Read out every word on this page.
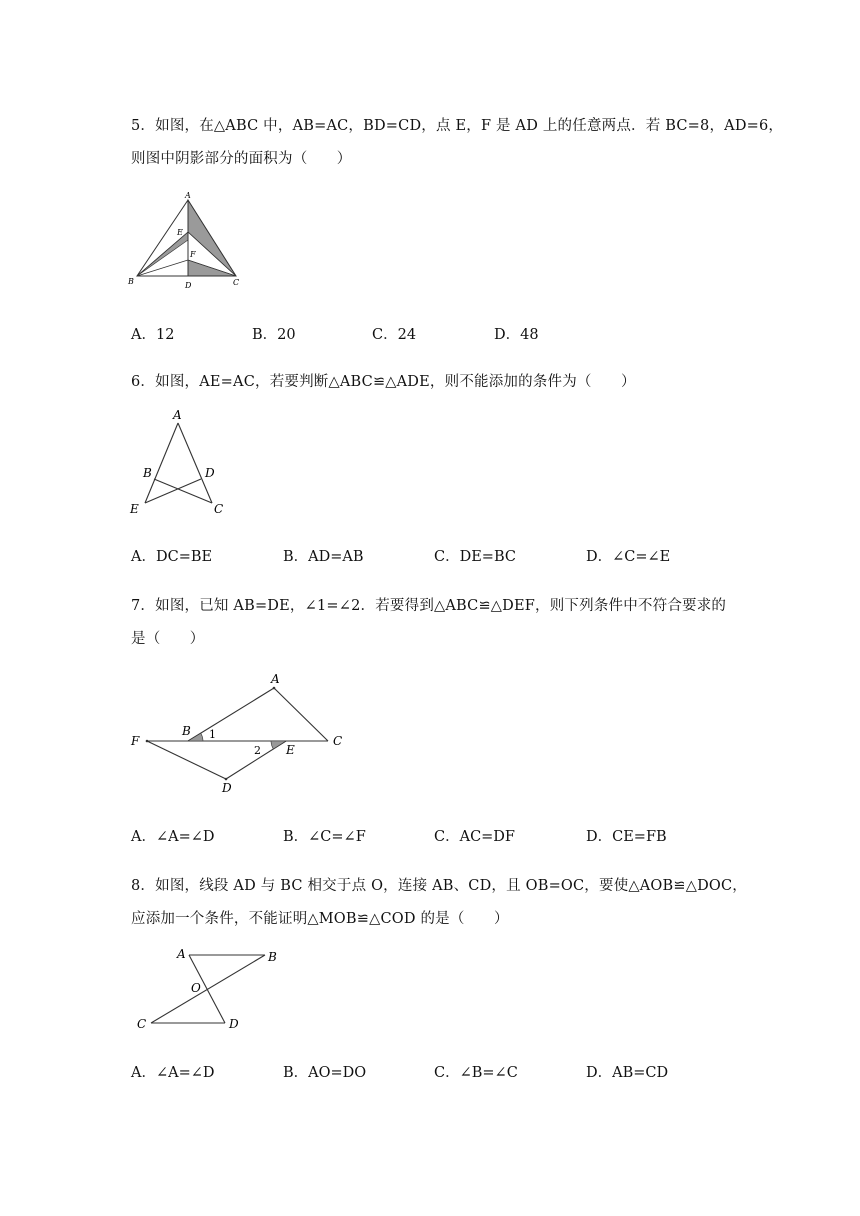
5．如图，在△ABC 中，AB=AC，BD=CD，点 E，F 是 AD 上的任意两点．若 BC=8，AD=6，
则图中阴影部分的面积为（　　）
A
E
F
B	D	C
A．12	B．20	C．24	D．48
6．如图，AE=AC，若要判断△ABC≌△ADE，则不能添加的条件为（　　）
A
B	D
E	C
A．DC=BE	B．AD=AB	C．DE=BC	D．∠C=∠E
7．如图，已知 AB=DE，∠1=∠2．若要得到△ABC≌△DEF，则下列条件中不符合要求的
是（　　）
A
B
F	C
E
D
1
2
A．∠A=∠D	B．∠C=∠F	C．AC=DF	D．CE=FB
8．如图，线段 AD 与 BC 相交于点 O，连接 AB、CD，且 OB=OC，要使△AOB≌△DOC，
应添加一个条件，不能证明△MOB≌△COD 的是（　　）
A	B
O
C	D
A．∠A=∠D	B．AO=DO	C．∠B=∠C	D．AB=CD
